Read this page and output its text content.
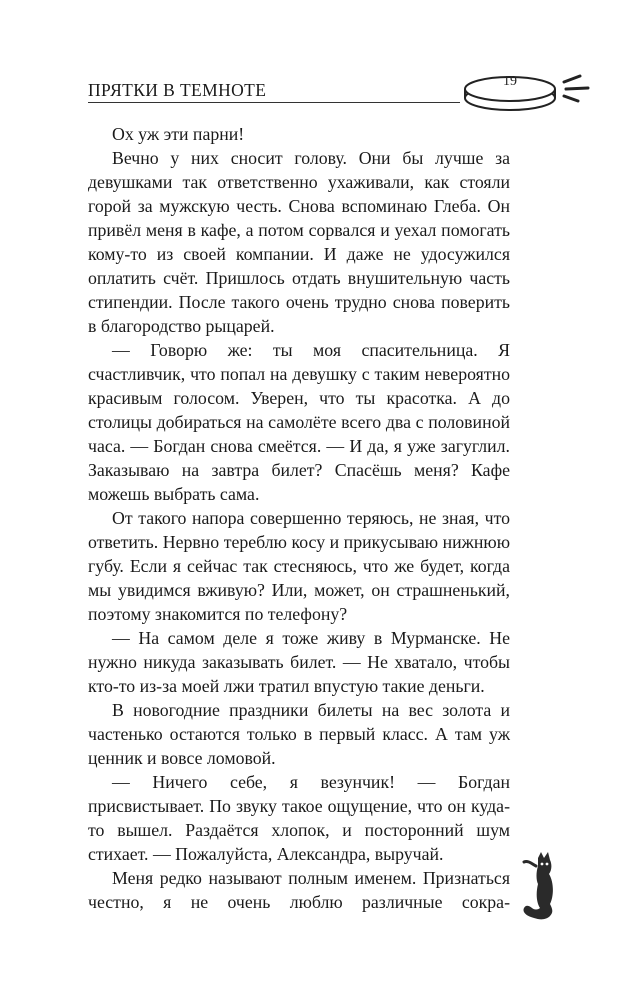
ПРЯТКИ В ТЕМНОТЕ	19

Ох уж эти парни!

Вечно у них сносит голову. Они бы лучше за девушками так ответственно ухаживали, как стояли горой за мужскую честь. Снова вспоминаю Глеба. Он привёл меня в кафе, а потом сорвался и уехал помогать кому-то из своей компании. И даже не удосужился оплатить счёт. Пришлось отдать внушительную часть стипендии. После такого очень трудно снова поверить в благородство рыцарей.

— Говорю же: ты моя спасительница. Я счастливчик, что попал на девушку с таким невероятно красивым голосом. Уверен, что ты красотка. А до столицы добираться на самолёте всего два с половиной часа. — Богдан снова смеётся. — И да, я уже загуглил. Заказываю на завтра билет? Спасёшь меня? Кафе можешь выбрать сама.

От такого напора совершенно теряюсь, не зная, что ответить. Нервно тереблю косу и прикусываю нижнюю губу. Если я сейчас так стесняюсь, что же будет, когда мы увидимся вживую? Или, может, он страшненький, поэтому знакомится по телефону?

— На самом деле я тоже живу в Мурманске. Не нужно никуда заказывать билет. — Не хватало, чтобы кто-то из-за моей лжи тратил впустую такие деньги.

В новогодние праздники билеты на вес золота и частенько остаются только в первый класс. А там уж ценник и вовсе ломовой.

— Ничего себе, я везунчик! — Богдан присвистывает. По звуку такое ощущение, что он куда-то вышел. Раздаётся хлопок, и посторонний шум стихает. — Пожалуйста, Александра, выручай.

Меня редко называют полным именем. Признаться честно, я не очень люблю различные сокра-
